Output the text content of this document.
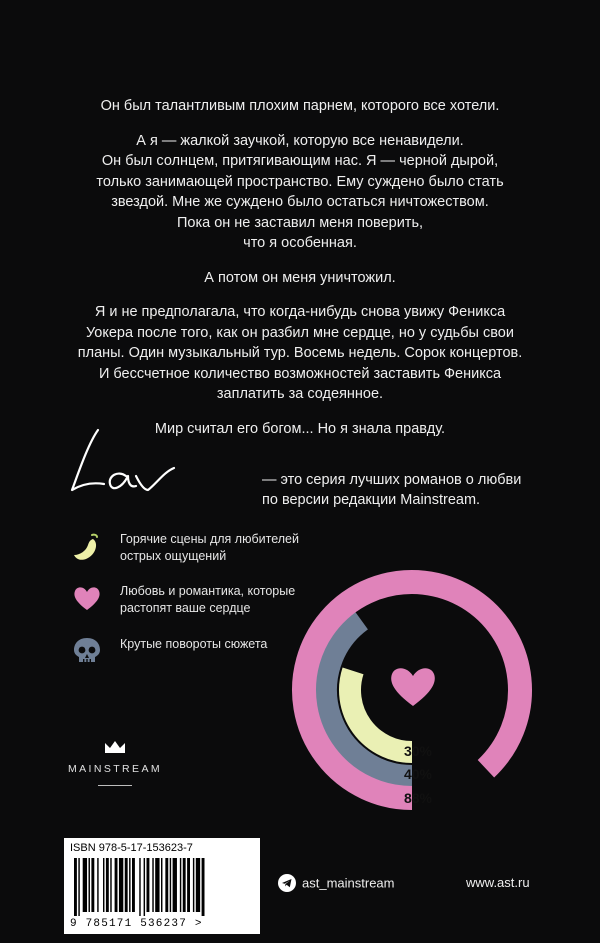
Он был талантливым плохим парнем, которого все хотели.

А я — жалкой заучкой, которую все ненавидели.
Он был солнцем, притягивающим нас. Я — черной дырой,
только занимающей пространство. Ему суждено было стать
звездой. Мне же суждено было остаться ничтожеством.
Пока он не заставил меня поверить,
что я особенная.

А потом он меня уничтожил.

Я и не предполагала, что когда-нибудь снова увижу Феникса
Уокера после того, как он разбил мне сердце, но у судьбы свои
планы. Один музыкальный тур. Восемь недель. Сорок концертов.
И бессчетное количество возможностей заставить Феникса
заплатить за содеянное.

Мир считал его богом... Но я знала правду.

— это серия лучших романов о любви
по версии редакции Mainstream.
Горячие сцены для любителей
острых ощущений
Любовь и романтика, которые
растопят ваше сердце
Крутые повороты сюжета
30%
40%
88%
MAINSTREAM
ISBN 978-5-17-153623-7
9 785171 536237 >
ast_mainstream	www.ast.ru
